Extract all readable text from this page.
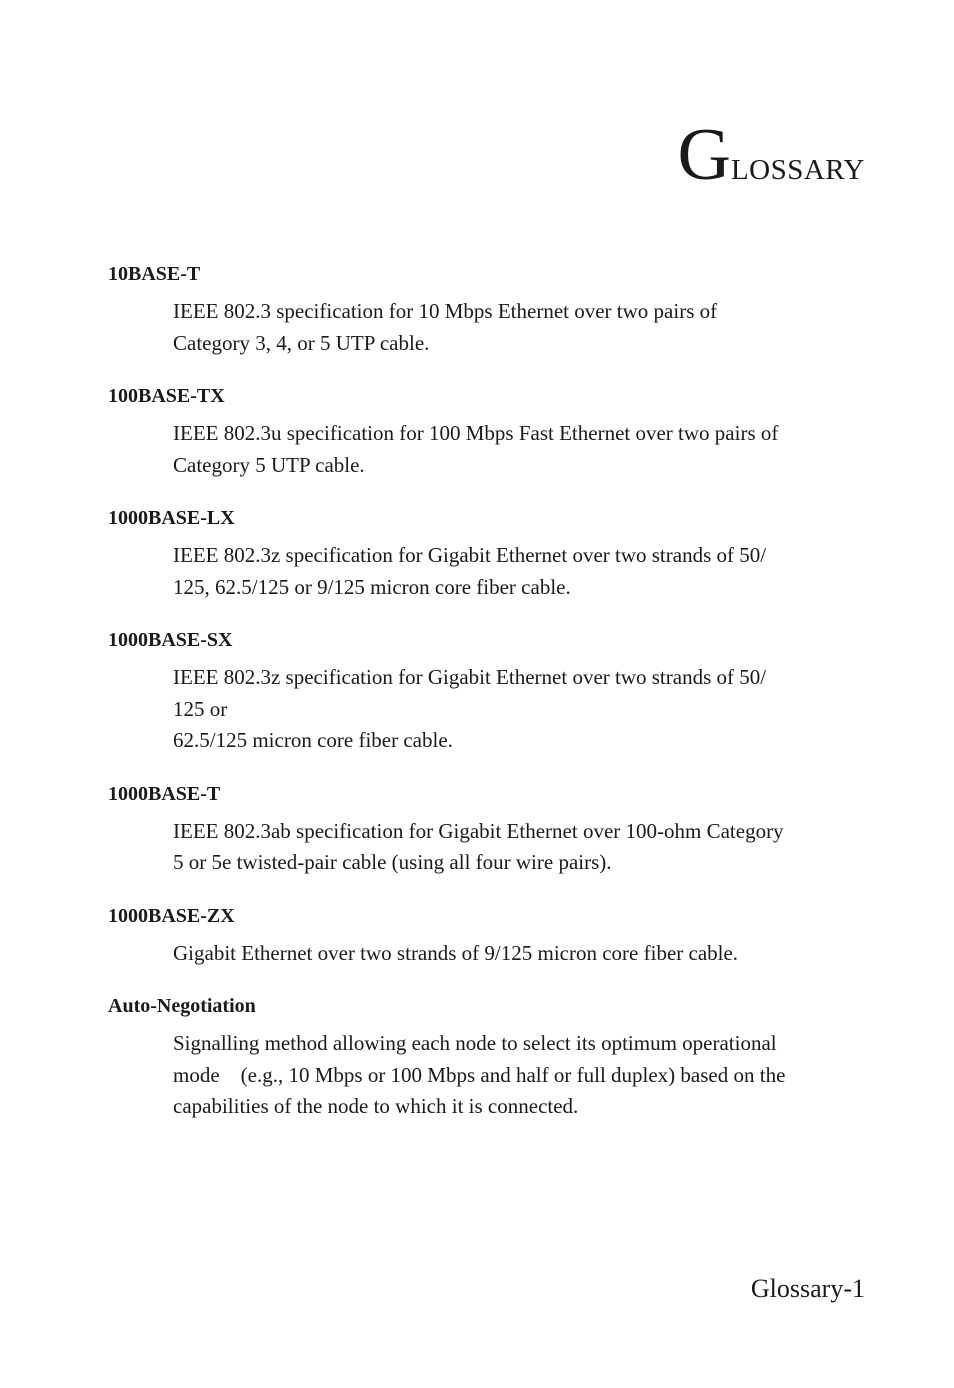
Glossary
10BASE-T
IEEE 802.3 specification for 10 Mbps Ethernet over two pairs of
Category 3, 4, or 5 UTP cable.
100BASE-TX
IEEE 802.3u specification for 100 Mbps Fast Ethernet over two pairs of
Category 5 UTP cable.
1000BASE-LX
IEEE 802.3z specification for Gigabit Ethernet over two strands of 50/
125, 62.5/125 or 9/125 micron core fiber cable.
1000BASE-SX
IEEE 802.3z specification for Gigabit Ethernet over two strands of 50/
125 or
62.5/125 micron core fiber cable.
1000BASE-T
IEEE 802.3ab specification for Gigabit Ethernet over 100-ohm Category
5 or 5e twisted-pair cable (using all four wire pairs).
1000BASE-ZX
Gigabit Ethernet over two strands of 9/125 micron core fiber cable.
Auto-Negotiation
Signalling method allowing each node to select its optimum operational
mode    (e.g., 10 Mbps or 100 Mbps and half or full duplex) based on the
capabilities of the node to which it is connected.
Glossary-1
